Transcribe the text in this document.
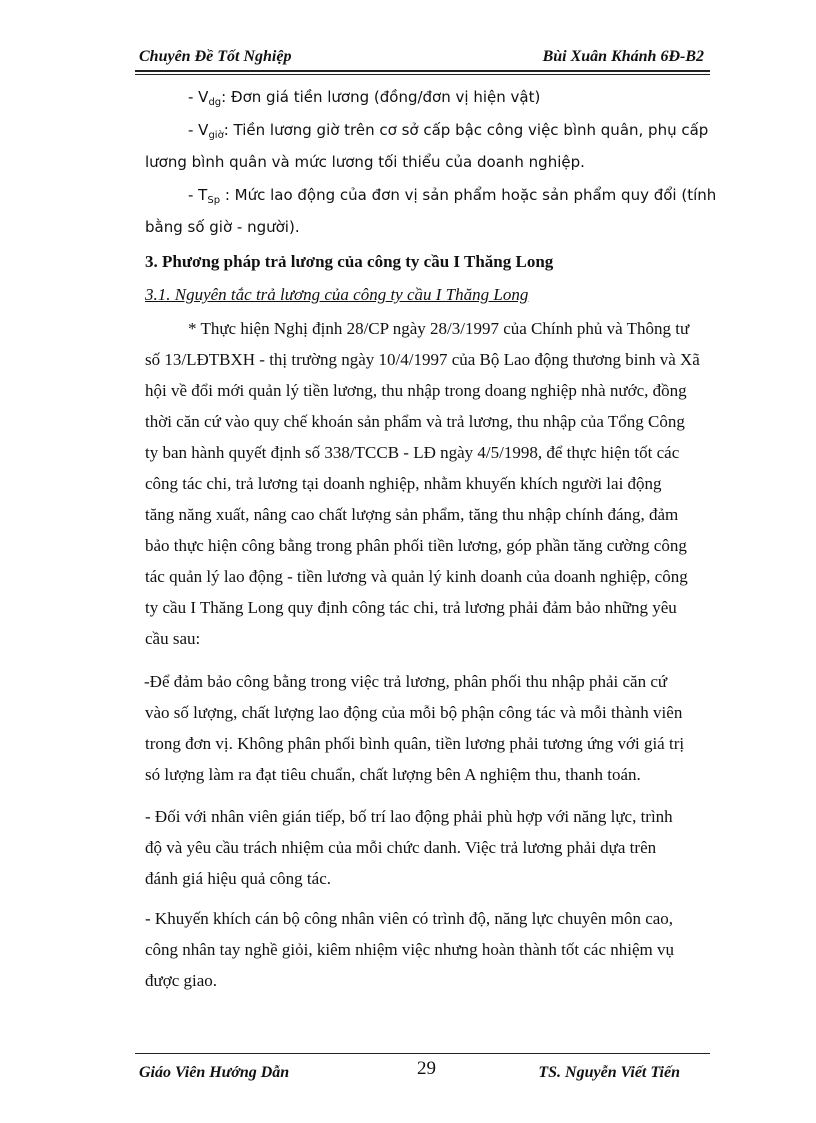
Chuyên Đề Tốt Nghiệp	Bùi Xuân Khánh 6Đ-B2
- $V_{dg}$: Đơn giá tiền lương (đồng/đơn vị hiện vật)
- $V_{giờ}$: Tiền lương giờ trên cơ sở cấp bậc công việc bình quân, phụ cấp
lương bình quân và mức lương tối thiểu của doanh nghiệp.
- $T_{Sp}$ : Mức lao động của đơn vị sản phẩm hoặc sản phẩm quy đổi (tính
bằng số giờ - người).
3. Phương pháp trả lương của công ty cầu I Thăng Long
3.1. Nguyên tắc trả lương của công ty cầu I Thăng Long
* Thực hiện Nghị định 28/CP ngày 28/3/1997 của Chính phủ và Thông tư
số 13/LĐTBXH - thị trường ngày 10/4/1997 của Bộ Lao động thương binh và Xã
hội về đổi mới quản lý tiền lương, thu nhập trong doang nghiệp nhà nước, đồng
thời căn cứ vào quy chế khoán sản phẩm và trả lương, thu nhập của Tổng Công
ty ban hành quyết định số 338/TCCB - LĐ ngày 4/5/1998, để thực hiện tốt các
công tác chi, trả lương tại doanh nghiệp, nhằm khuyến khích người lai động
tăng năng xuất, nâng cao chất lượng sản phẩm, tăng thu nhập chính đáng, đảm
bảo thực hiện công bằng trong phân phối tiền lương, góp phần tăng cường công
tác quản lý lao động - tiền lương và quản lý kinh doanh của doanh nghiệp, công
ty cầu I Thăng Long quy định công tác chi, trả lương phải đảm bảo những yêu
cầu sau:
-Để đảm bảo công bằng trong việc trả lương, phân phối thu nhập phải căn cứ
vào số lượng, chất lượng lao động của mỗi bộ phận công tác và mỗi thành viên
trong đơn vị. Không phân phối bình quân, tiền lương phải tương ứng với giá trị
só lượng làm ra đạt tiêu chuẩn, chất lượng bên A nghiệm thu, thanh toán.
- Đối với nhân viên gián tiếp, bố trí lao động phải phù hợp với năng lực, trình
độ và yêu cầu trách nhiệm của mỗi chức danh. Việc trả lương phải dựa trên
đánh giá hiệu quả công tác.
- Khuyến khích cán bộ công nhân viên có trình độ, năng lực chuyên môn cao,
công nhân tay nghề giỏi, kiêm nhiệm việc nhưng hoàn thành tốt các nhiệm vụ
được giao.
Giáo Viên Hướng Dẫn	29	TS. Nguyễn Viết Tiến
